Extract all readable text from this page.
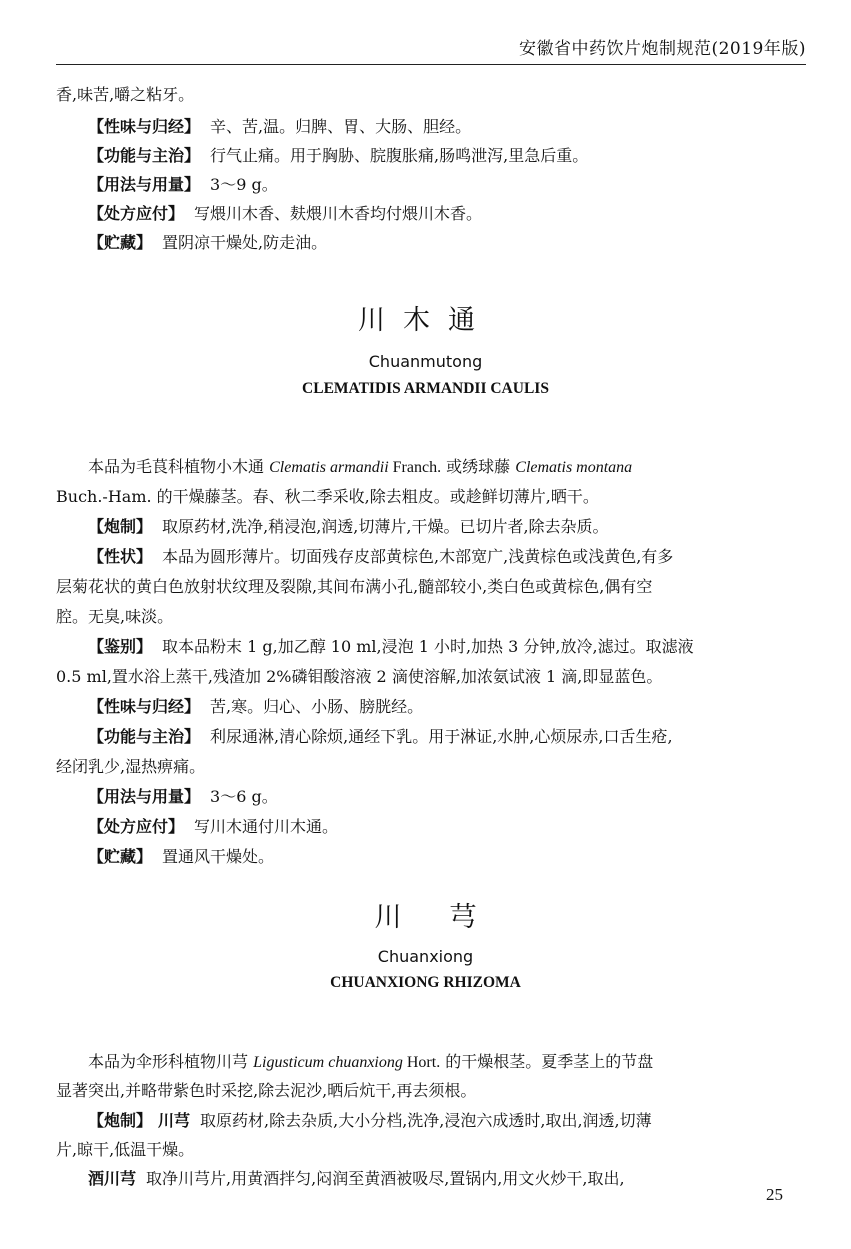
安徽省中药饮片炮制规范(2019年版)
香,味苦,嚼之粘牙。
【性味与归经】 辛、苦,温。归脾、胃、大肠、胆经。
【功能与主治】 行气止痛。用于胸胁、脘腹胀痛,肠鸣泄泻,里急后重。
【用法与用量】 3～9 g。
【处方应付】 写煨川木香、麸煨川木香均付煨川木香。
【贮藏】 置阴凉干燥处,防走油。
川木通
Chuanmutong
CLEMATIDIS ARMANDII CAULIS
本品为毛茛科植物小木通 Clematis armandii Franch. 或绣球藤 Clematis montana
Buch.-Ham. 的干燥藤茎。春、秋二季采收,除去粗皮。或趁鲜切薄片,晒干。
【炮制】 取原药材,洗净,稍浸泡,润透,切薄片,干燥。已切片者,除去杂质。
【性状】 本品为圆形薄片。切面残存皮部黄棕色,木部宽广,浅黄棕色或浅黄色,有多
层菊花状的黄白色放射状纹理及裂隙,其间布满小孔,髓部较小,类白色或黄棕色,偶有空
腔。无臭,味淡。
【鉴别】 取本品粉末 1 g,加乙醇 10 ml,浸泡 1 小时,加热 3 分钟,放冷,滤过。取滤液
0.5 ml,置水浴上蒸干,残渣加 2%磷钼酸溶液 2 滴使溶解,加浓氨试液 1 滴,即显蓝色。
【性味与归经】 苦,寒。归心、小肠、膀胱经。
【功能与主治】 利尿通淋,清心除烦,通经下乳。用于淋证,水肿,心烦尿赤,口舌生疮,
经闭乳少,湿热痹痛。
【用法与用量】 3～6 g。
【处方应付】 写川木通付川木通。
【贮藏】 置通风干燥处。
川芎
Chuanxiong
CHUANXIONG RHIZOMA
本品为伞形科植物川芎 Ligusticum chuanxiong Hort. 的干燥根茎。夏季茎上的节盘
显著突出,并略带紫色时采挖,除去泥沙,晒后炕干,再去须根。
【炮制】 川芎 取原药材,除去杂质,大小分档,洗净,浸泡六成透时,取出,润透,切薄
片,晾干,低温干燥。
酒川芎 取净川芎片,用黄酒拌匀,闷润至黄酒被吸尽,置锅内,用文火炒干,取出,
25
